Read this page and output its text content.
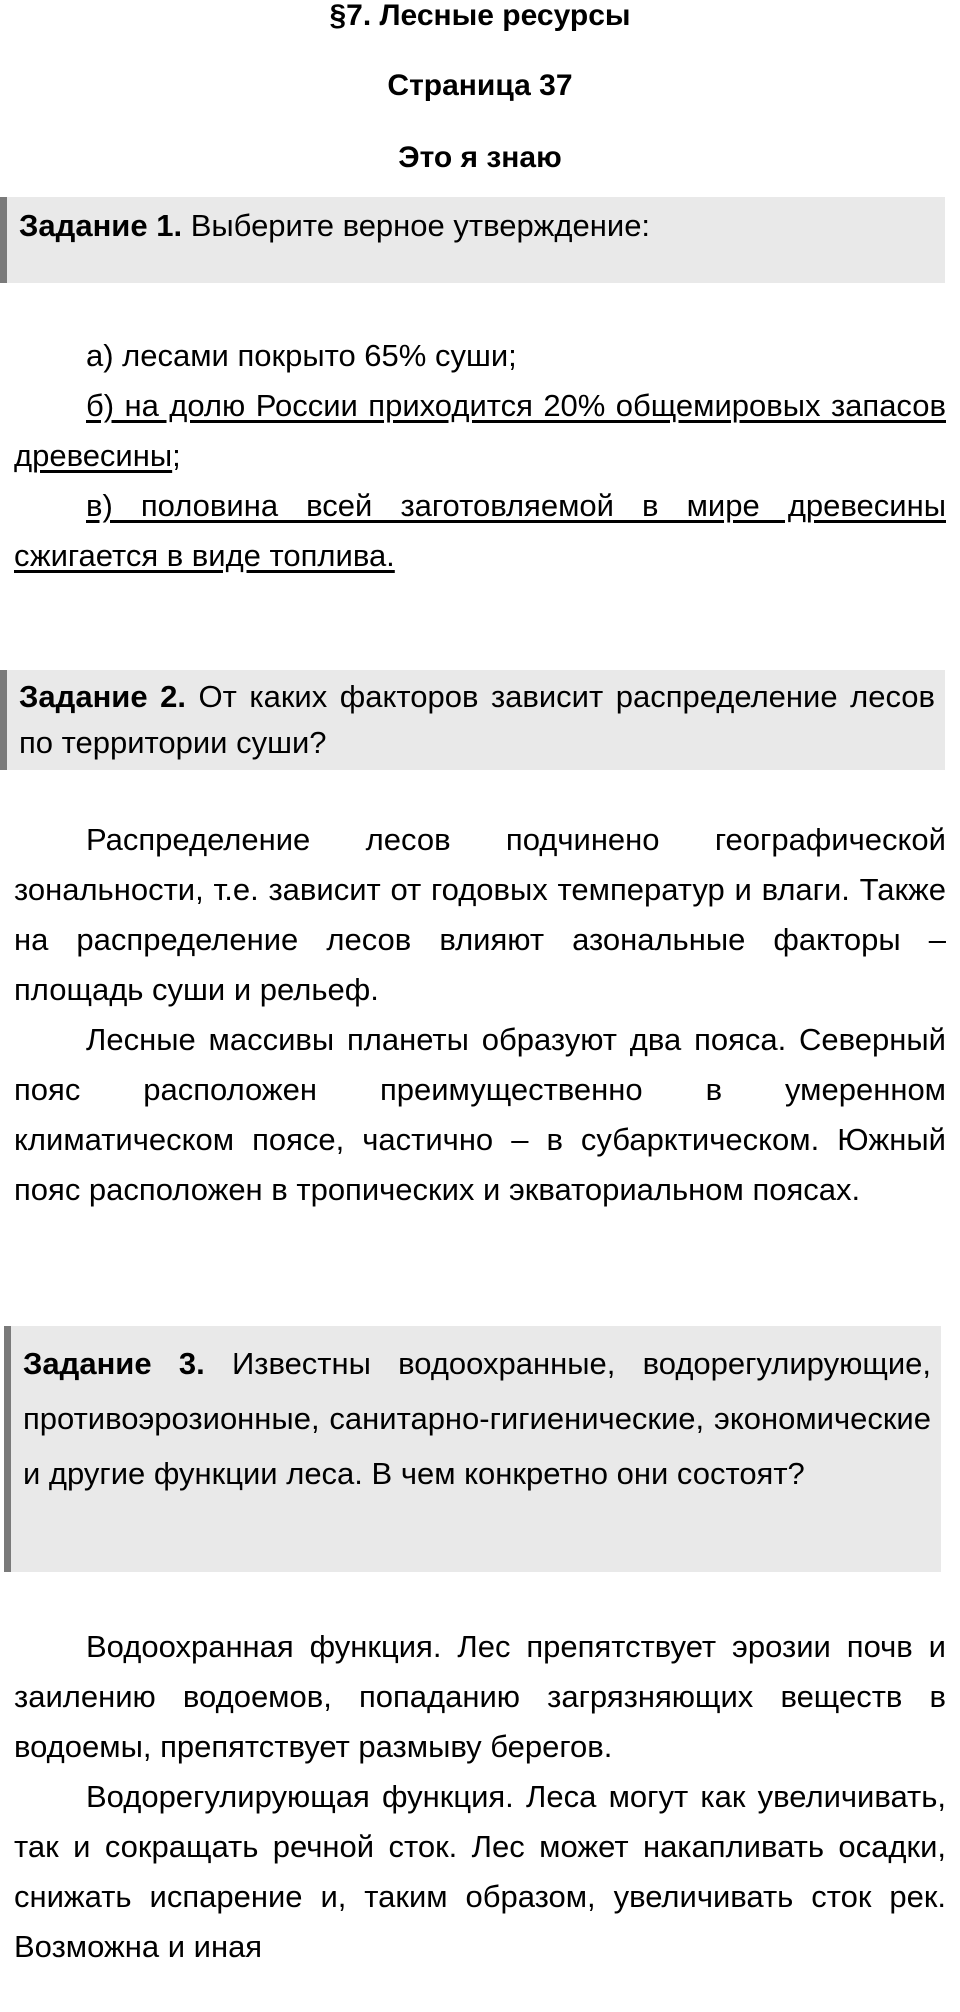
§7. Лесные ресурсы
Страница 37
Это я знаю
Задание 1. Выберите верное утверждение:

а) лесами покрыто 65% суши;

б) на долю России приходится 20% общемировых запасов древесины;

в) половина всей заготовляемой в мире древесины сжигается в виде топлива.

Задание 2. От каких факторов зависит распределение лесов по территории суши?

Распределение лесов подчинено географической зональности, т.е. зависит от годовых температур и влаги. Также на распределение лесов влияют азональные факторы – площадь суши и рельеф.

Лесные массивы планеты образуют два пояса. Северный пояс расположен преимущественно в умеренном климатическом поясе, частично – в субарктическом. Южный пояс расположен в тропических и экваториальном поясах.

Задание 3. Известны водоохранные, водорегулирующие, противоэрозионные, санитарно-гигиенические, экономические и другие функции леса. В чем конкретно они состоят?

Водоохранная функция. Лес препятствует эрозии почв и заилению водоемов, попаданию загрязняющих веществ в водоемы, препятствует размыву берегов.

Водорегулирующая функция. Леса могут как увеличивать, так и сокращать речной сток. Лес может накапливать осадки, снижать испарение и, таким образом, увеличивать сток рек. Возможна и иная
